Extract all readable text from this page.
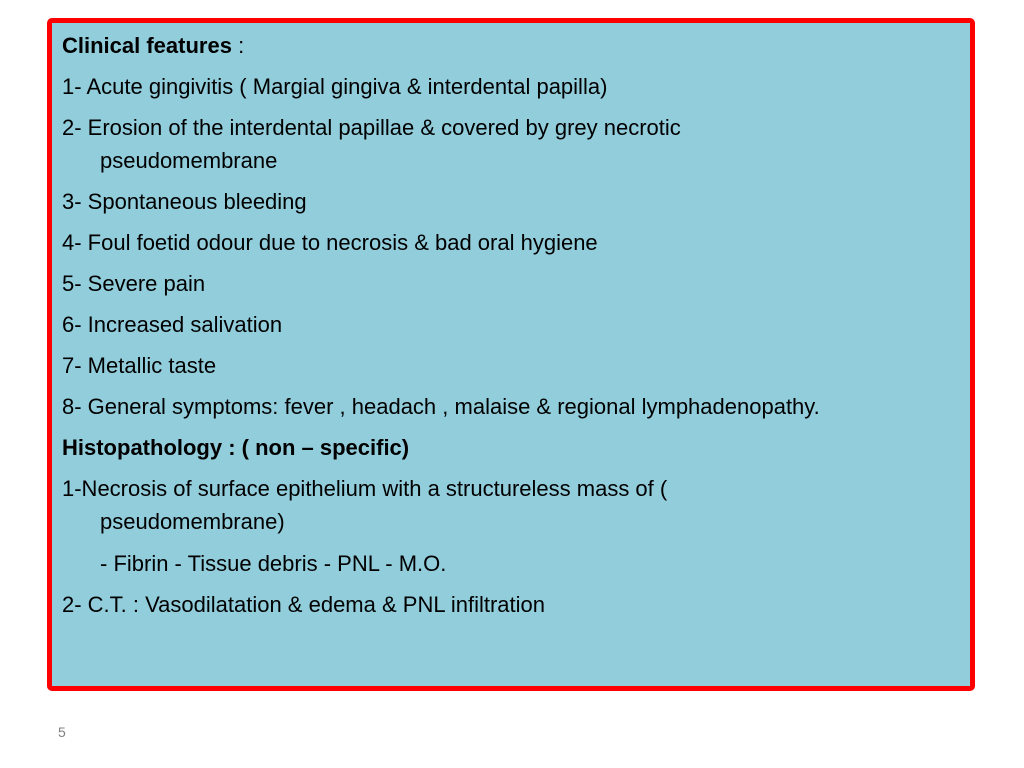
Clinical features :
1- Acute gingivitis ( Margial gingiva & interdental papilla)
2- Erosion of the interdental papillae & covered by grey necrotic
pseudomembrane
3- Spontaneous bleeding
4- Foul foetid odour due to necrosis & bad oral hygiene
5- Severe pain
6- Increased salivation
7- Metallic taste
8- General symptoms: fever , headach , malaise & regional lymphadenopathy.
Histopathology : ( non – specific)
1-Necrosis of surface epithelium with a structureless mass of (
pseudomembrane)
- Fibrin - Tissue debris - PNL - M.O.
2- C.T. : Vasodilatation & edema & PNL infiltration
5
